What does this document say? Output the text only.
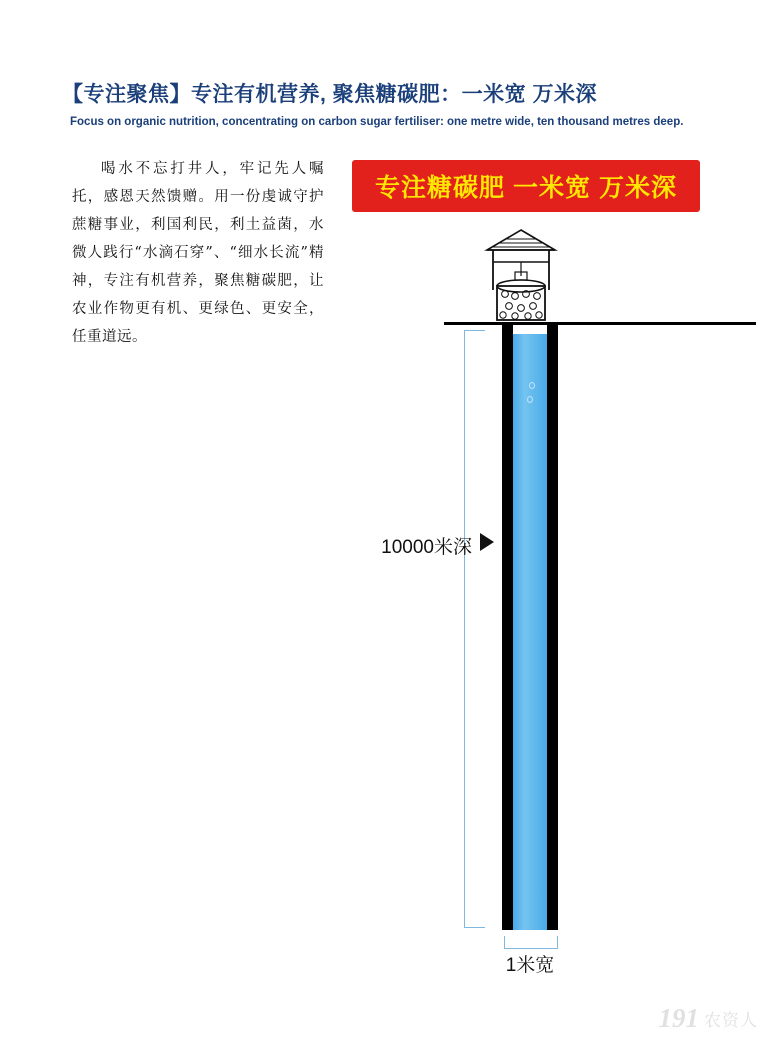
【专注聚焦】专注有机营养, 聚焦糖碳肥：一米宽 万米深
Focus on organic nutrition, concentrating on carbon sugar fertiliser: one metre wide, ten thousand metres deep.
喝水不忘打井人，牢记先人嘱托，感恩天然馈赠。用一份虔诚守护蔗糖事业，利国利民，利土益菌，水微人践行“水滴石穿”、“细水长流”精神，专注有机营养，聚焦糖碳肥，让农业作物更有机、更绿色、更安全，任重道远。
专注糖碳肥 一米宽 万米深
10000米深
1米宽
191 农资人
